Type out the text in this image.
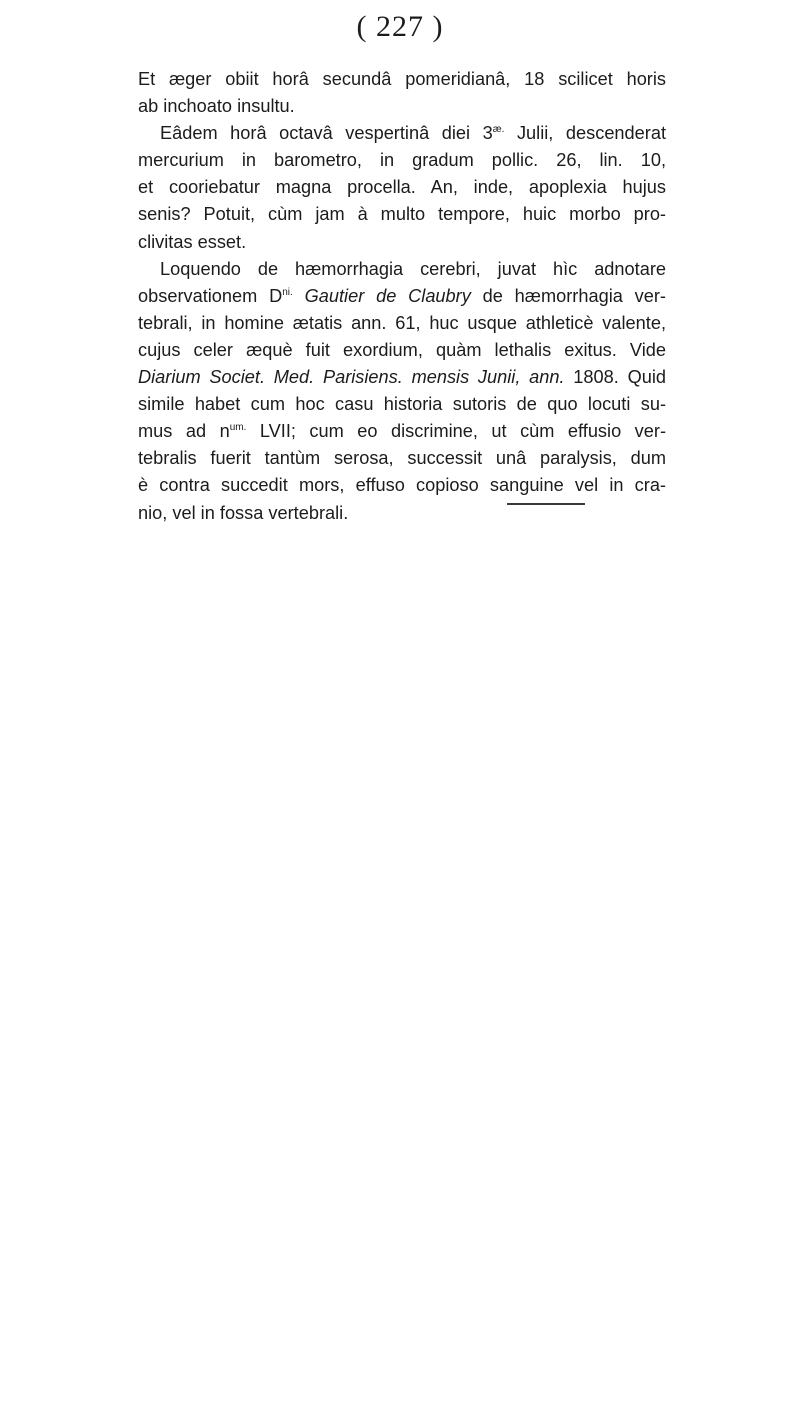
( 227 )
Et æger obiit horâ secundâ pomeridianâ, 18 scilicet horis
ab inchoato insultu.
Eâdem horâ octavâ vespertinâ diei $3^{æ.}$ Julii, descenderat
mercurium in barometro, in gradum pollic. 26, lin. 10,
et cooriebatur magna procella. An, inde, apoplexia hujus
senis? Potuit, cùm jam à multo tempore, huic morbo pro-
clivitas esset.
Loquendo de hæmorrhagia cerebri, juvat hìc adnotare
observationem $D^{ni.}$ Gautier de Claubry de hæmorrhagia ver-
tebrali, in homine ætatis ann. 61, huc usque athleticè valente,
cujus celer æquè fuit exordium, quàm lethalis exitus. Vide
Diarium Societ. Med. Parisiens. mensis Junii, ann. 1808. Quid
simile habet cum hoc casu historia sutoris de quo locuti su-
mus ad $n^{um.}$ LVII; cum eo discrimine, ut cùm effusio ver-
tebralis fuerit tantùm serosa, successit unâ paralysis, dum
è contra succedit mors, effuso copioso sanguine vel in cra-
nio, vel in fossa vertebrali.
